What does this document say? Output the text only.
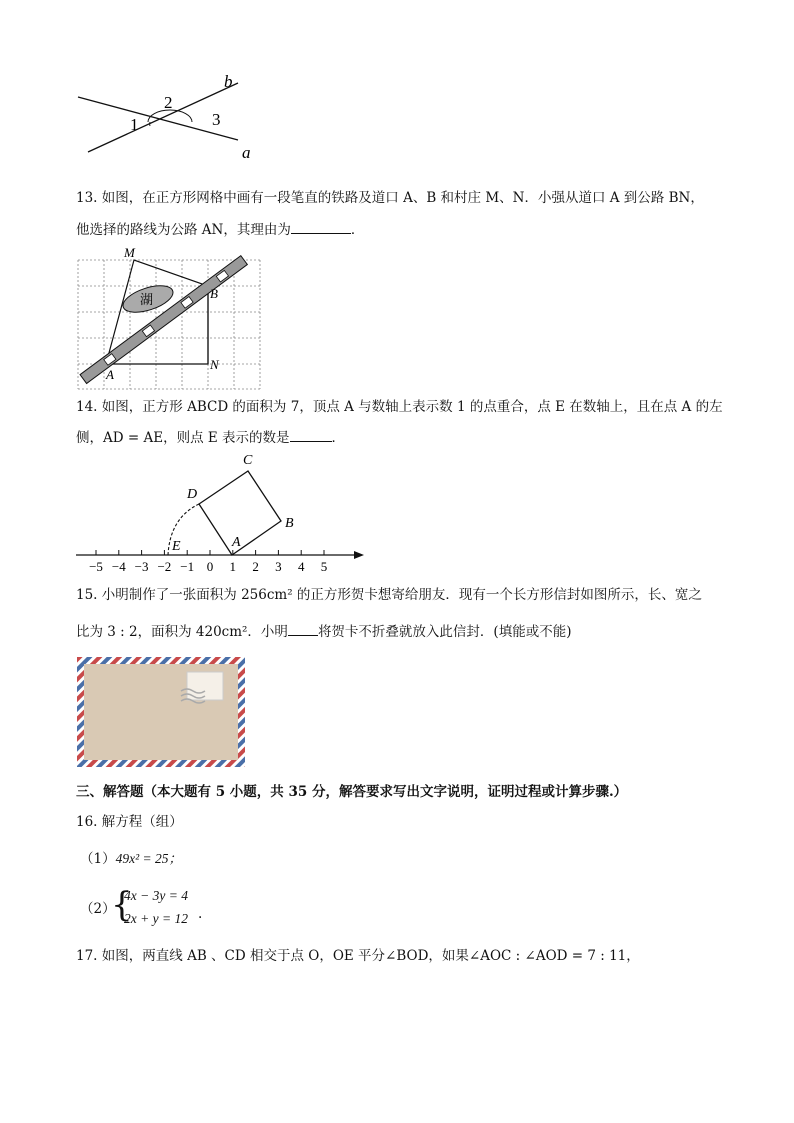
b
a
2
1	3
13. 如图，在正方形网格中画有一段笔直的铁路及道口 A、B 和村庄 M、N．小强从道口 A 到公路 BN，
他选择的路线为公路 AN，其理由为	．
湖
M
A
B
N
14. 如图，正方形 ABCD 的面积为 7，顶点 A 与数轴上表示数 1 的点重合，点 E 在数轴上，且在点 A 的左
侧，AD = AE，则点 E 表示的数是	．
−5 −4 −3 −2 −1 0 1 2 3 4 5
A
B
C
D
E
15. 小明制作了一张面积为 256cm² 的正方形贺卡想寄给朋友．现有一个长方形信封如图所示，长、宽之
比为 3 : 2，面积为 420cm²．小明 将贺卡不折叠就放入此信封．(填能或不能)
三、解答题（本大题有 5 小题，共 35 分，解答要求写出文字说明，证明过程或计算步骤.）
16. 解方程（组）
（1）49x² = 25；
（2）
{
4x − 3y = 4
2x + y = 12 .
17. 如图，两直线 AB 、CD 相交于点 O，OE 平分∠BOD，如果∠AOC : ∠AOD = 7 : 11，
